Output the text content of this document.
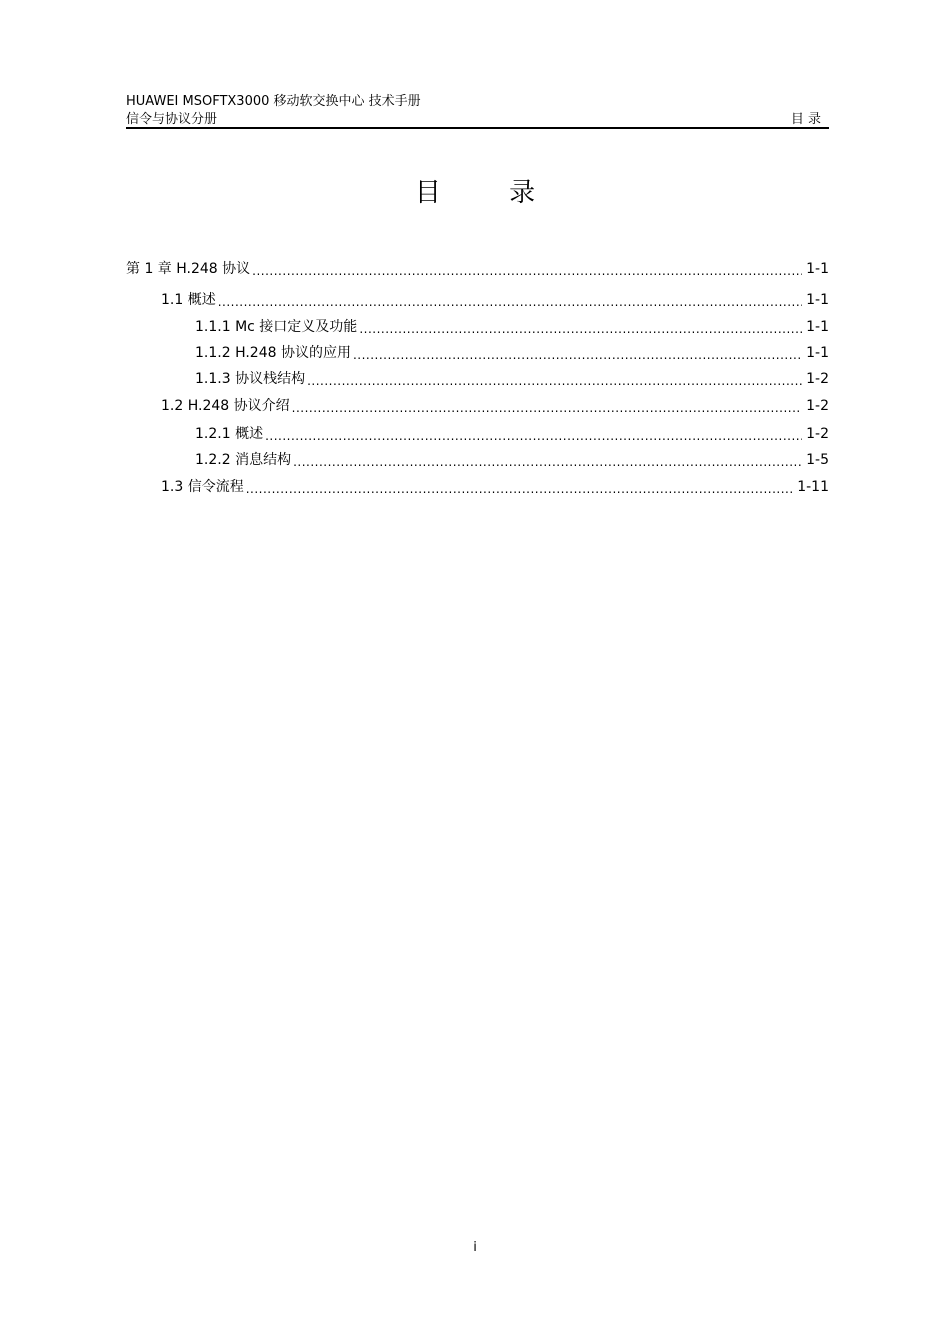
HUAWEI MSOFTX3000 移动软交换中心 技术手册
信令与协议分册	目 录
目 录
第 1 章 H.248 协议 .....	1-1
1.1 概述 .....	1-1
1.1.1 Mc 接口定义及功能 .....	1-1
1.1.2 H.248 协议的应用 .....	1-1
1.1.3 协议栈结构 .....	1-2
1.2 H.248 协议介绍 .....	1-2
1.2.1 概述 .....	1-2
1.2.2 消息结构 .....	1-5
1.3 信令流程 .....	1-11
i
